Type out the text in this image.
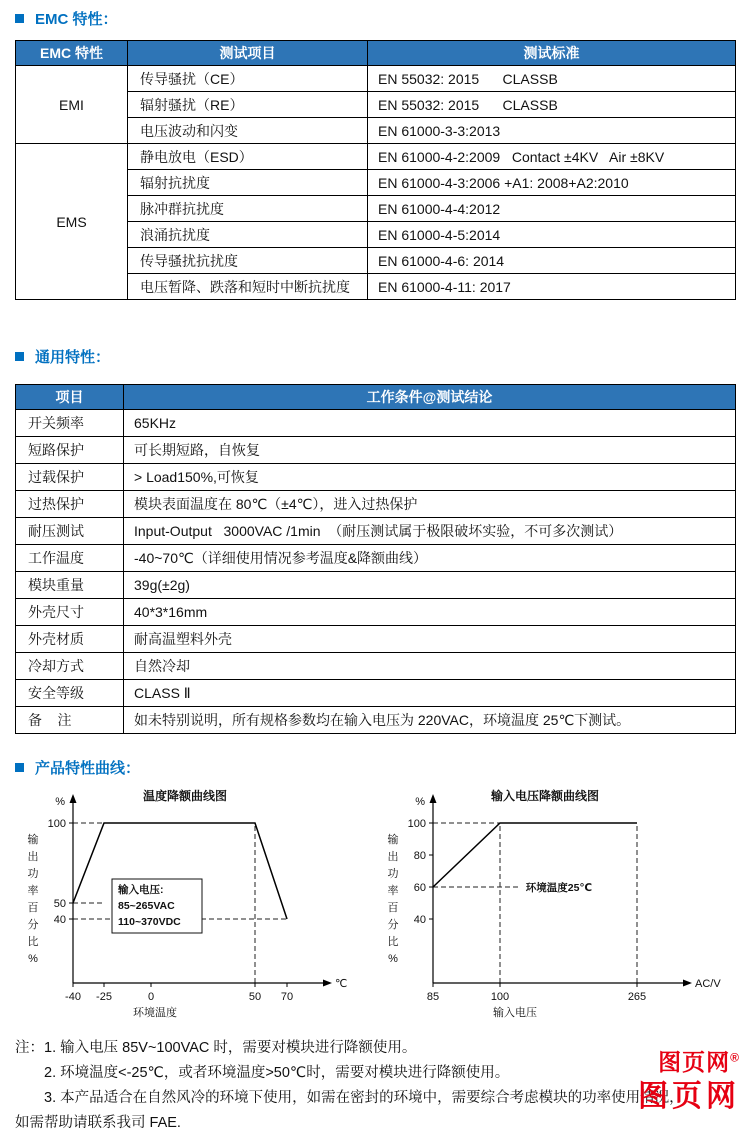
EMC 特性：
EMC 特性	测试项目	测试标准
EMI	传导骚扰（CE）	EN 55032: 2015      CLASSB
	辐射骚扰（RE）	EN 55032: 2015      CLASSB
	电压波动和闪变	EN 61000-3-3:2013
EMS	静电放电（ESD）	EN 61000-4-2:2009   Contact ±4KV   Air ±8KV
	辐射抗扰度	EN 61000-4-3:2006 +A1: 2008+A2:2010
	脉冲群抗扰度	EN 61000-4-4:2012
	浪涌抗扰度	EN 61000-4-5:2014
	传导骚扰抗扰度	EN 61000-4-6: 2014
	电压暂降、跌落和短时中断抗扰度	EN 61000-4-11: 2017
通用特性：
项目	工作条件@测试结论
开关频率	65KHz
短路保护	可长期短路，自恢复
过载保护	> Load150%,可恢复
过热保护	模块表面温度在 80℃（±4℃），进入过热保护
耐压测试	Input-Output   3000VAC /1min  （耐压测试属于极限破坏实验，不可多次测试）
工作温度	-40~70℃（详细使用情况参考温度&降额曲线）
模块重量	39g(±2g)
外壳尺寸	40*3*16mm
外壳材质	耐高温塑料外壳
冷却方式	自然冷却
安全等级	CLASS Ⅱ
备    注	如未特别说明，所有规格参数均在输入电压为 220VAC，环境温度 25℃下测试。
产品特性曲线：
输入电压:
85~265VAC
110~370VDC
100
50
40
-40 -25	0	50 70
%
℃
输
出
功
率
百
分
比
%
温度降额曲线图
环境温度
环境温度25℃
100
80
60
40
85	100	265
%
AC/V
输
出
功
率
百
分
比
%
输入电压降额曲线图
输入电压
注：1. 输入电压 85V~100VAC 时，需要对模块进行降额使用。
2. 环境温度<-25℃，或者环境温度>50℃时，需要对模块进行降额使用。
3. 本产品适合在自然风冷的环境下使用，如需在密封的环境中，需要综合考虑模块的功率使用情况，
如需帮助请联系我司 FAE.
图页网®
图页网
